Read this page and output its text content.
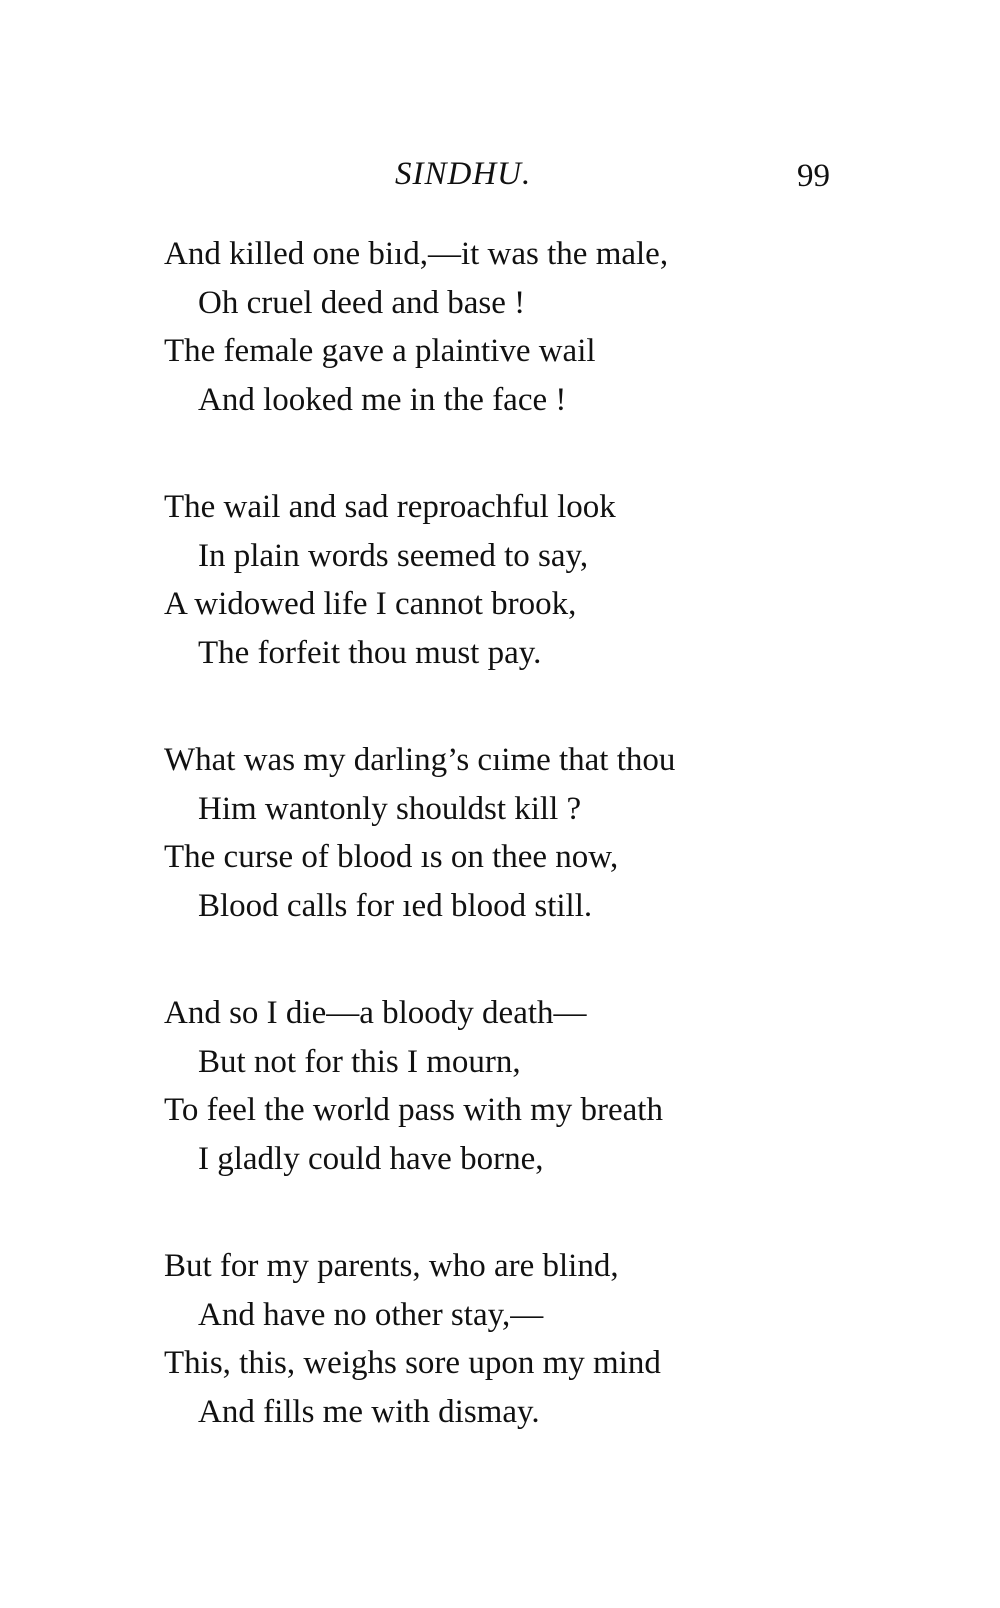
SINDHU.	99
And killed one biıd,—it was the male,
Oh cruel deed and base !
The female gave a plaintive wail
And looked me in the face !
The wail and sad reproachful look
In plain words seemed to say,
A widowed life I cannot brook,
The forfeit thou must pay.
What was my darling’s cıime that thou
Him wantonly shouldst kill ?
The curse of blood ıs on thee now,
Blood calls for ıed blood still.
And so I die—a bloody death—
But not for this I mourn,
To feel the world pass with my breath
I gladly could have borne,
But for my parents, who are blind,
And have no other stay,—
This, this, weighs sore upon my mind
And fills me with dismay.
